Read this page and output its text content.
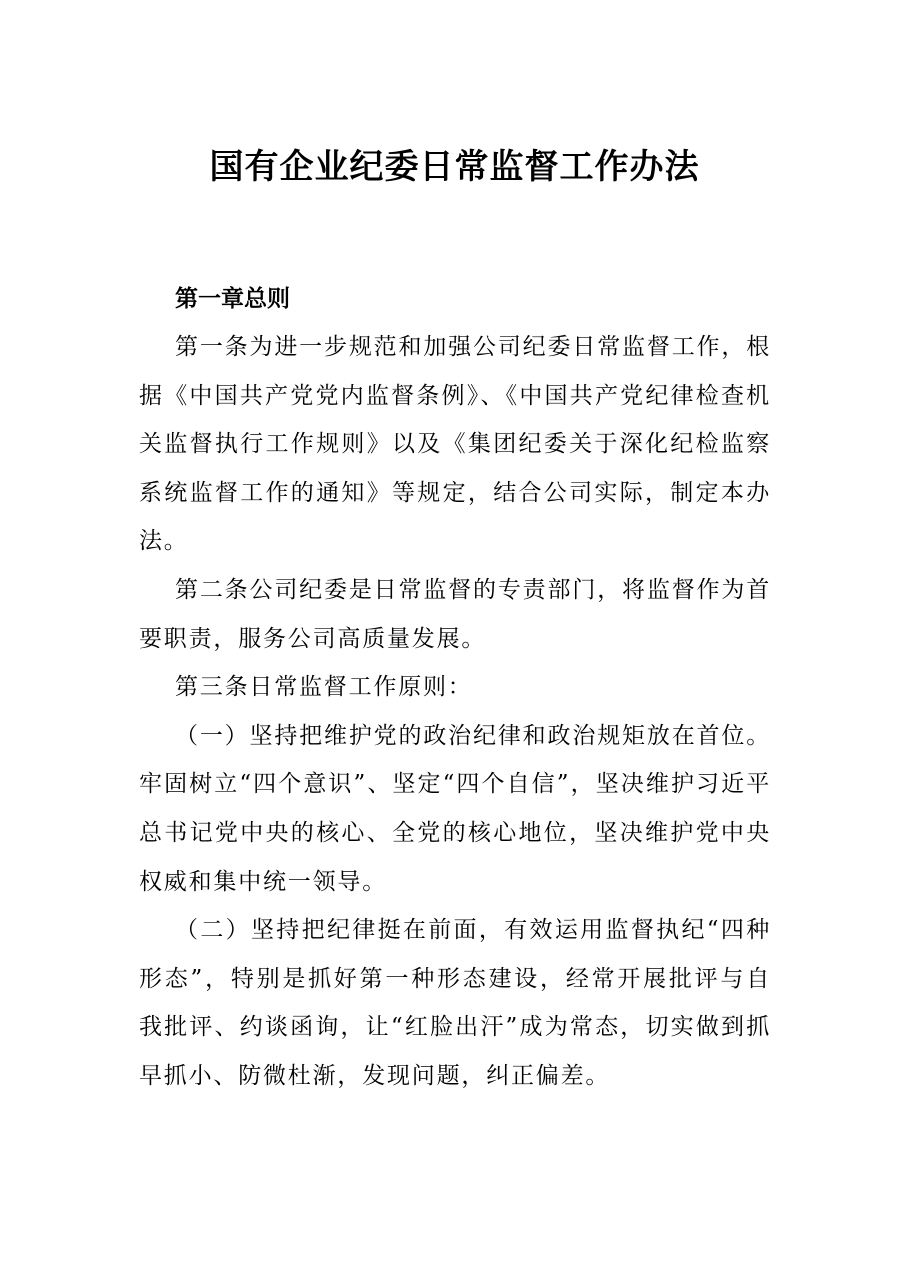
国有企业纪委日常监督工作办法

第一章总则

第一条为进一步规范和加强公司纪委日常监督工作，根据《中国共产党党内监督条例》、《中国共产党纪律检查机关监督执行工作规则》以及《集团纪委关于深化纪检监察系统监督工作的通知》等规定，结合公司实际，制定本办法。

第二条公司纪委是日常监督的专责部门，将监督作为首要职责，服务公司高质量发展。

第三条日常监督工作原则：

（一）坚持把维护党的政治纪律和政治规矩放在首位。牢固树立“四个意识”、坚定“四个自信”，坚决维护习近平总书记党中央的核心、全党的核心地位，坚决维护党中央权威和集中统一领导。

（二）坚持把纪律挺在前面，有效运用监督执纪“四种形态”，特别是抓好第一种形态建设，经常开展批评与自我批评、约谈函询，让“红脸出汗”成为常态，切实做到抓早抓小、防微杜渐，发现问题，纠正偏差。
